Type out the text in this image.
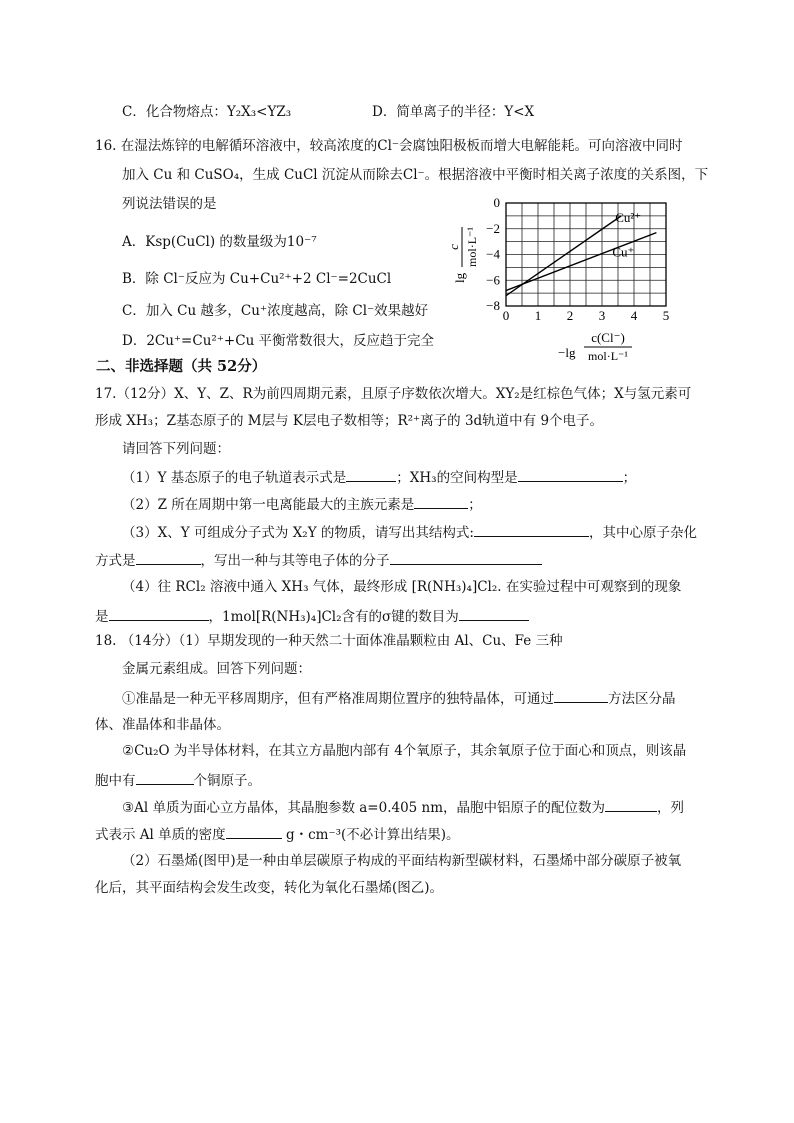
C．化合物熔点：Y₂X₃<YZ₃	D．简单离子的半径：Y<X
16. 在湿法炼锌的电解循环溶液中，较高浓度的Cl⁻会腐蚀阳极板而增大电解能耗。可向溶液中同时
加入 Cu 和 CuSO₄，生成 CuCl 沉淀从而除去Cl⁻。根据溶液中平衡时相关离子浓度的关系图，下
列说法错误的是
A．Ksp(CuCl) 的数量级为10⁻⁷
B．除 Cl⁻反应为 Cu+Cu²⁺+2 Cl⁻=2CuCl
C．加入 Cu 越多，Cu⁺浓度越高，除 Cl⁻效果越好
D．2Cu⁺=Cu²⁺+Cu 平衡常数很大，反应趋于完全
0 1 2 3 4 5
0
−2
−4
−6
−8
Cu²⁺
Cu⁺
lg
c mol·L⁻¹
−lg
c(Cl⁻)
mol·L⁻¹
二、非选择题（共 52分）
17.（12分）X、Y、Z、R为前四周期元素，且原子序数依次增大。XY₂是红棕色气体；X与氢元素可
形成 XH₃；Z基态原子的 M层与 K层电子数相等；R²⁺离子的 3d轨道中有 9个电子。
请回答下列问题：
（1）Y 基态原子的电子轨道表示式是	；XH₃的空间构型是	；
（2）Z 所在周期中第一电离能最大的主族元素是	；
（3）X、Y 可组成分子式为 X₂Y 的物质，请写出其结构式:	，其中心原子杂化
方式是	，写出一种与其等电子体的分子
（4）往 RCl₂ 溶液中通入 XH₃ 气体，最终形成 [R(NH₃)₄]Cl₂. 在实验过程中可观察到的现象
是	，1mol[R(NH₃)₄]Cl₂含有的σ键的数目为
18. （14分）（1）早期发现的一种天然二十面体准晶颗粒由 Al、Cu、Fe 三种
金属元素组成。回答下列问题：
①准晶是一种无平移周期序，但有严格准周期位置序的独特晶体，可通过	方法区分晶
体、准晶体和非晶体。
②Cu₂O 为半导体材料，在其立方晶胞内部有 4个氧原子，其余氧原子位于面心和顶点，则该晶
胞中有	个铜原子。
③Al 单质为面心立方晶体，其晶胞参数 a=0.405 nm，晶胞中铝原子的配位数为	，列
式表示 Al 单质的密度	g・cm⁻³(不必计算出结果)。
（2）石墨烯(图甲)是一种由单层碳原子构成的平面结构新型碳材料，石墨烯中部分碳原子被氧
化后，其平面结构会发生改变，转化为氧化石墨烯(图乙)。
